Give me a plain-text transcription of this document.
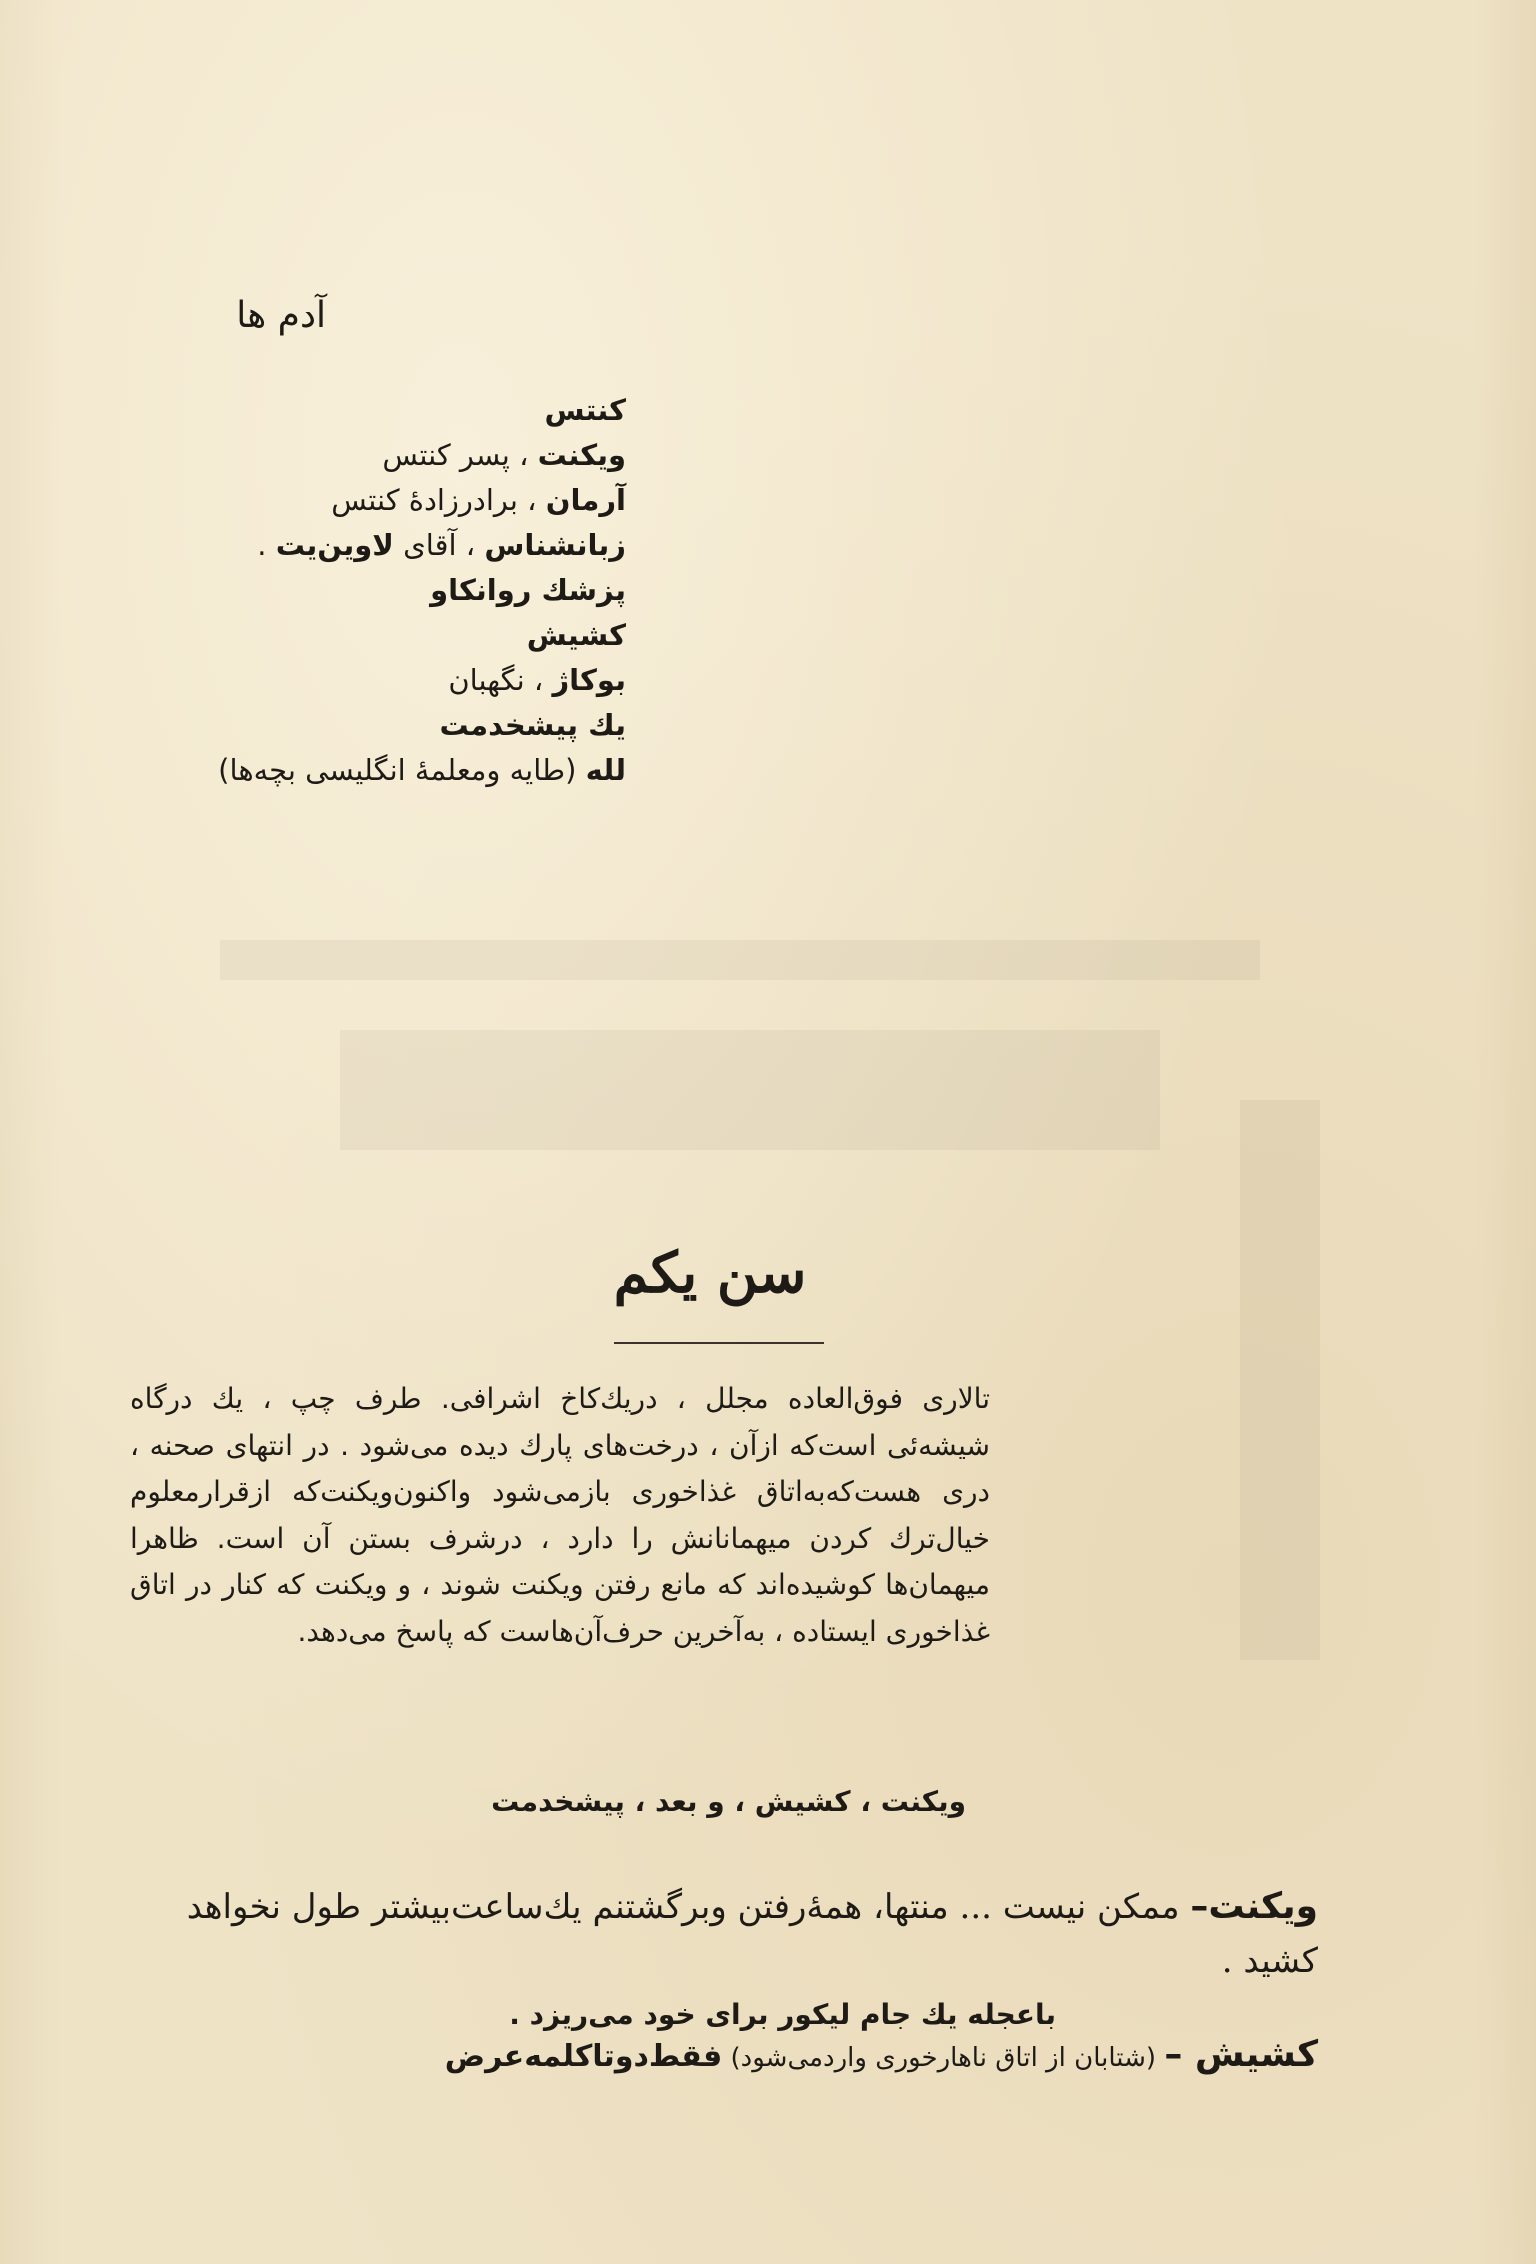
آدم ها
کنتس
ویکنت ، پسر کنتس
آرمان ، برادرزادهٔ کنتس
زبانشناس ، آقای لاوین‌یت .
پزشك روانكاو
کشیش
بوکاژ ، نگهبان
یك پیشخدمت
لله (طایه ومعلمهٔ انگلیسی بچه‌ها)
سن یکم

تالاری فوق‌العاده مجلل ، دریك‌كاخ اشرافی. طرف چپ ، یك درگاه شیشه‌ئی است‌که ازآن ، درخت‌های پارك دیده می‌شود . در انتهای صحنه ، دری هست‌که‌به‌اتاق غذاخوری بازمی‌شود واکنون‌ویکنت‌که ازقرارمعلوم خیال‌ترك کردن میهمانانش را دارد ، درشرف بستن آن است. ظاهرا میهمان‌ها کوشیده‌اند که مانع رفتن ویکنت شوند ، و ویکنت که کنار در اتاق غذاخوری ایستاده ، به‌آخرین حرف‌آن‌هاست که پاسخ می‌دهد.

ویکنت ، کشیش ، و بعد ، پیشخدمت

ویکنت– ممکن نیست ... منتها، همهٔ‌رفتن وبرگشتنم یك‌ساعت‌بیشتر طول نخواهد کشید .

باعجله یك جام لیکور برای خود می‌ریزد .

کشیش – (شتابان از اتاق ناهارخوری واردمی‌شود) فقط‌دوتاکلمه‌عرض
